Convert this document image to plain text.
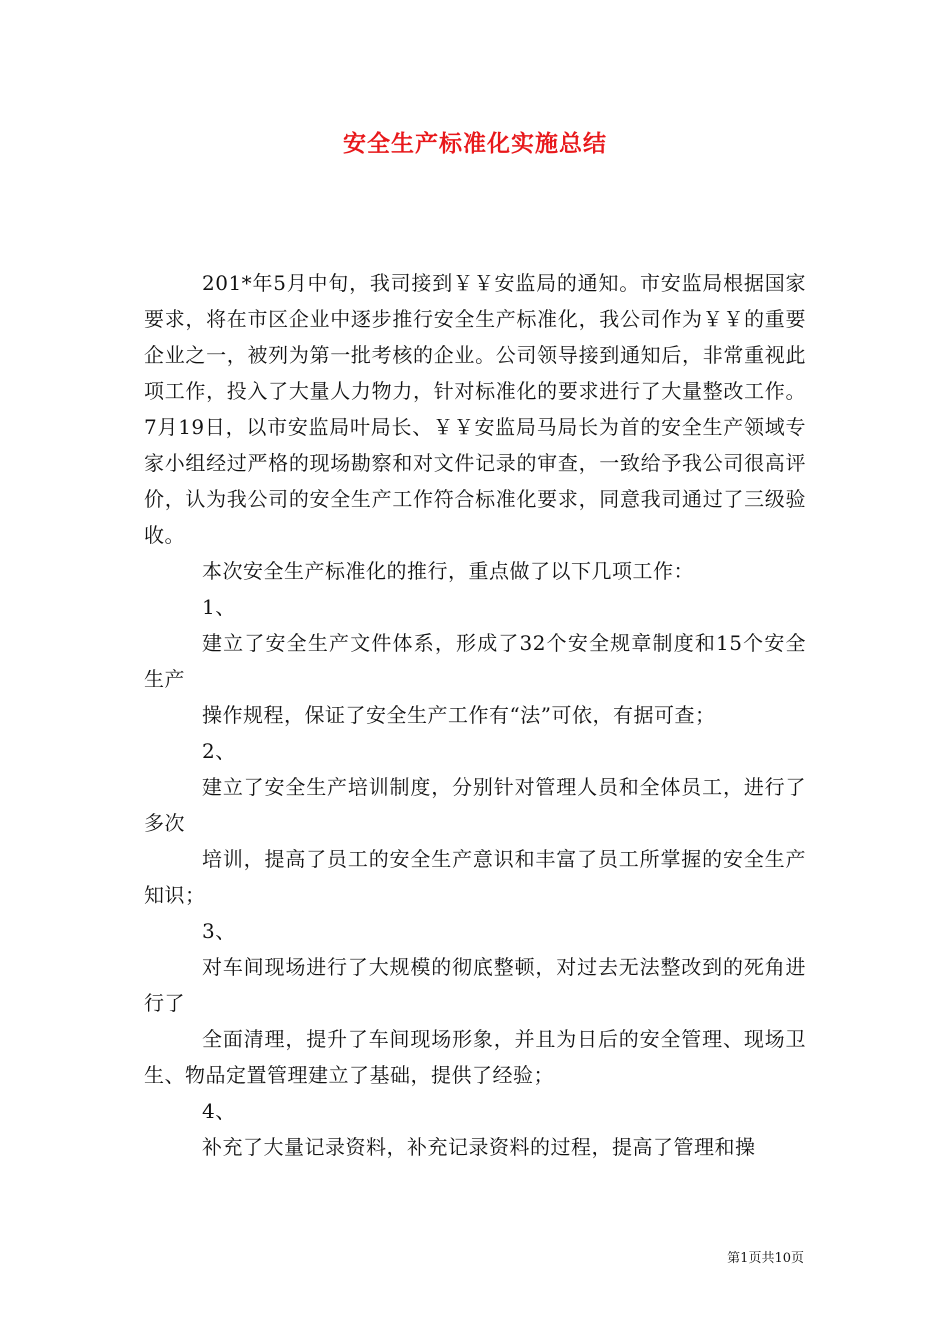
安全生产标准化实施总结

201*年5月中旬，我司接到￥￥安监局的通知。市安监局根据国家要求，将在市区企业中逐步推行安全生产标准化，我公司作为￥￥的重要企业之一，被列为第一批考核的企业。公司领导接到通知后，非常重视此项工作，投入了大量人力物力，针对标准化的要求进行了大量整改工作。7月19日，以市安监局叶局长、￥￥安监局马局长为首的安全生产领域专家小组经过严格的现场勘察和对文件记录的审查，一致给予我公司很高评价，认为我公司的安全生产工作符合标准化要求，同意我司通过了三级验收。

本次安全生产标准化的推行，重点做了以下几项工作：

1、

建立了安全生产文件体系，形成了32个安全规章制度和15个安全生产

操作规程，保证了安全生产工作有“法”可依，有据可查；

2、

建立了安全生产培训制度，分别针对管理人员和全体员工，进行了多次

培训，提高了员工的安全生产意识和丰富了员工所掌握的安全生产知识；

3、

对车间现场进行了大规模的彻底整顿，对过去无法整改到的死角进行了

全面清理，提升了车间现场形象，并且为日后的安全管理、现场卫生、物品定置管理建立了基础，提供了经验；

4、

补充了大量记录资料，补充记录资料的过程，提高了管理和操

第1页共10页
